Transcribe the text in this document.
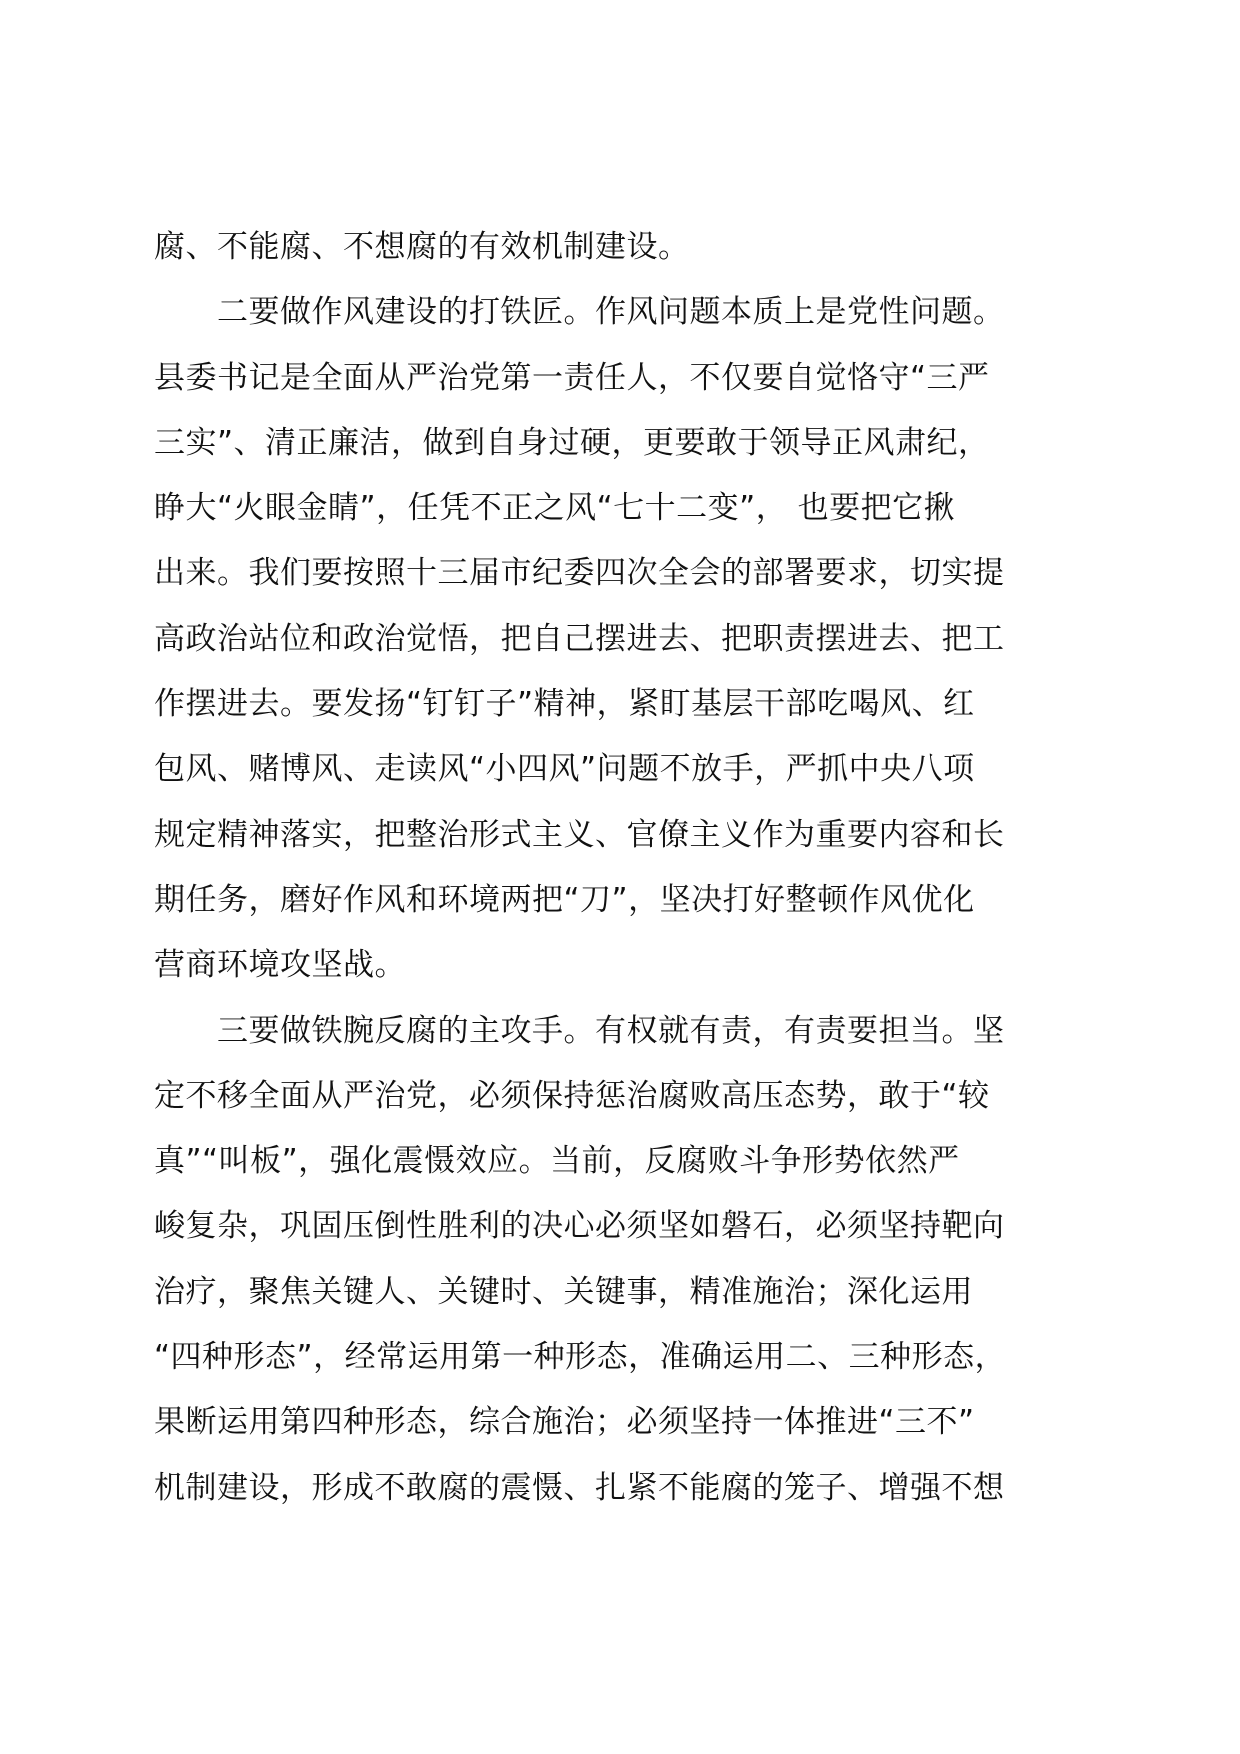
腐、不能腐、不想腐的有效机制建设。
　　二要做作风建设的打铁匠。作风问题本质上是党性问题。
县委书记是全面从严治党第一责任人，不仅要自觉恪守“三严
三实”、清正廉洁，做到自身过硬，更要敢于领导正风肃纪，
睁大“火眼金睛”，任凭不正之风“七十二变”， 也要把它揪
出来。我们要按照十三届市纪委四次全会的部署要求，切实提
高政治站位和政治觉悟，把自己摆进去、把职责摆进去、把工
作摆进去。要发扬“钉钉子”精神，紧盯基层干部吃喝风、红
包风、赌博风、走读风“小四风”问题不放手，严抓中央八项
规定精神落实，把整治形式主义、官僚主义作为重要内容和长
期任务，磨好作风和环境两把“刀”，坚决打好整顿作风优化
营商环境攻坚战。
　　三要做铁腕反腐的主攻手。有权就有责，有责要担当。坚
定不移全面从严治党，必须保持惩治腐败高压态势，敢于“较
真”“叫板”，强化震慑效应。当前，反腐败斗争形势依然严
峻复杂，巩固压倒性胜利的决心必须坚如磐石，必须坚持靶向
治疗，聚焦关键人、关键时、关键事，精准施治；深化运用
“四种形态”，经常运用第一种形态，准确运用二、三种形态，
果断运用第四种形态，综合施治；必须坚持一体推进“三不”
机制建设，形成不敢腐的震慑、扎紧不能腐的笼子、增强不想
